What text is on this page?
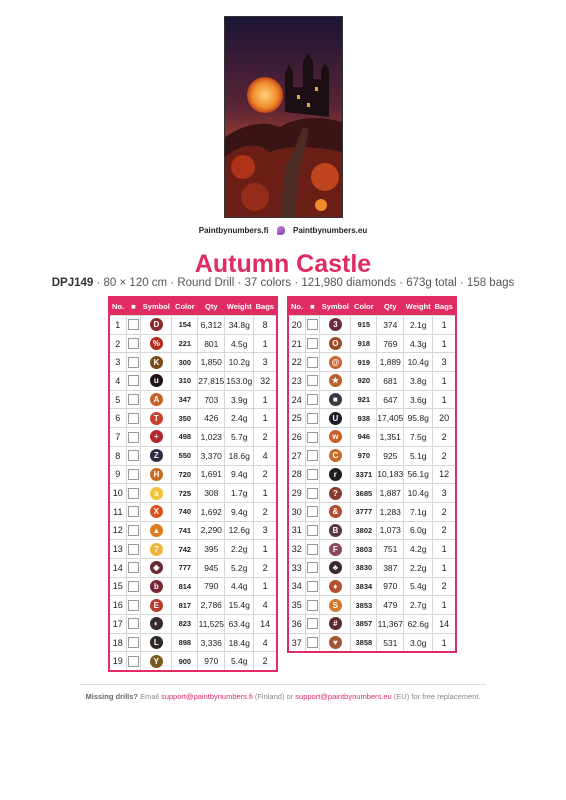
Paintbynumbers.fi	Paintbynumbers.eu
Autumn Castle
DPJ149 · 80 × 120 cm · Round Drill · 37 colors · 121,980 diamonds · 673g total · 158 bags
No.	■	Symbol	Color	Qty	Weight	Bags
1		D	154	6,312	34.8g	8
2		%	221	801	4.5g	1
3		K	300	1,850	10.2g	3
4		u	310	27,815	153.0g	32
5		A	347	703	3.9g	1
6		T	350	426	2.4g	1
7		+	498	1,023	5.7g	2
8		Z	550	3,370	18.6g	4
9		H	720	1,691	9.4g	2
10		a	725	308	1.7g	1
11		X	740	1,692	9.4g	2
12		▲	741	2,290	12.6g	3
13		7	742	395	2.2g	1
14		◆	777	945	5.2g	2
15		b	814	790	4.4g	1
16		E	817	2,786	15.4g	4
17		◐	823	11,525	63.4g	14
18		L	898	3,336	18.4g	4
19		Y	900	970	5.4g	2
No.	■	Symbol	Color	Qty	Weight	Bags
20		3	915	374	2.1g	1
21		O	918	769	4.3g	1
22		@	919	1,889	10.4g	3
23		★	920	681	3.8g	1
24		■	921	647	3.6g	1
25		U	938	17,405	95.8g	20
26		w	946	1,351	7.5g	2
27		C	970	925	5.1g	2
28		r	3371	10,183	56.1g	12
29		?	3685	1,887	10.4g	3
30		&	3777	1,283	7.1g	2
31		B	3802	1,073	6.0g	2
32		F	3803	751	4.2g	1
33		♣	3830	387	2.2g	1
34		♦	3834	970	5.4g	2
35		S	3853	479	2.7g	1
36		#	3857	11,367	62.6g	14
37		♥	3858	531	3.0g	1
Missing drills? Email support@paintbynumbers.fi (Finland) or support@paintbynumbers.eu (EU) for free replacement.
